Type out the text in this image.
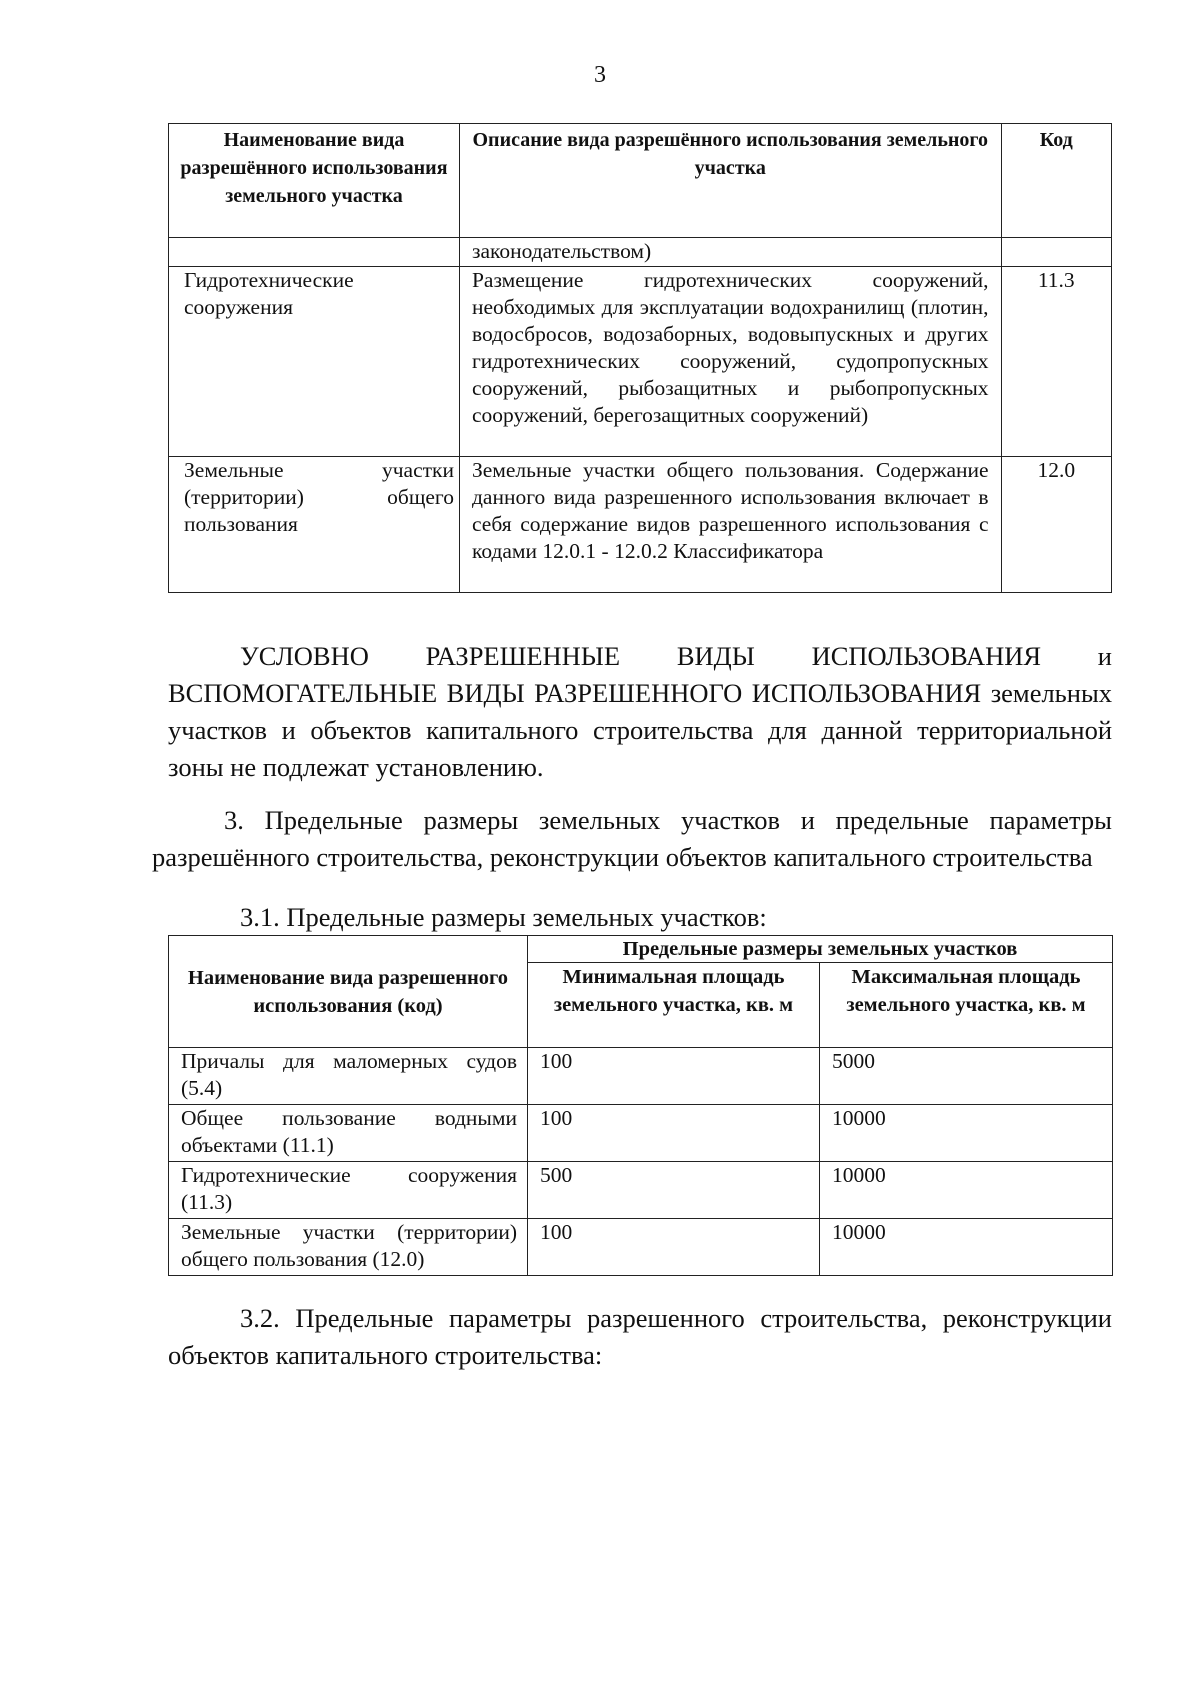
3
Наименование вида разрешённого использования земельного участка	Описание вида разрешённого использования земельного участка	Код
	законодательством)	
Гидротехнические сооружения	Размещение гидротехнических сооружений, необходимых для эксплуатации водохранилищ (плотин, водосбросов, водозаборных, водовыпускных и других гидротехнических сооружений, судопропускных сооружений, рыбозащитных и рыбопропускных сооружений, берегозащитных сооружений)	11.3
Земельные участки (территории) общего пользования	Земельные участки общего пользования. Содержание данного вида разрешенного использования включает в себя содержание видов разрешенного использования с кодами 12.0.1 - 12.0.2 Классификатора	12.0
УСЛОВНО РАЗРЕШЕННЫЕ ВИДЫ ИСПОЛЬЗОВАНИЯ и ВСПОМОГАТЕЛЬНЫЕ ВИДЫ РАЗРЕШЕННОГО ИСПОЛЬЗОВАНИЯ земельных участков и объектов капитального строительства для данной территориальной зоны не подлежат установлению.
3. Предельные размеры земельных участков и предельные параметры разрешённого строительства, реконструкции объектов капитального строительства
3.1. Предельные размеры земельных участков:
Наименование вида разрешенного использования (код)	Предельные размеры земельных участков	
	Минимальная площадь земельного участка, кв. м	Максимальная площадь земельного участка, кв. м
Причалы для маломерных судов (5.4)	100	5000
Общее пользование водными объектами (11.1)	100	10000
Гидротехнические сооружения (11.3)	500	10000
Земельные участки (территории) общего пользования (12.0)	100	10000
3.2. Предельные параметры разрешенного строительства, реконструкции объектов капитального строительства:
